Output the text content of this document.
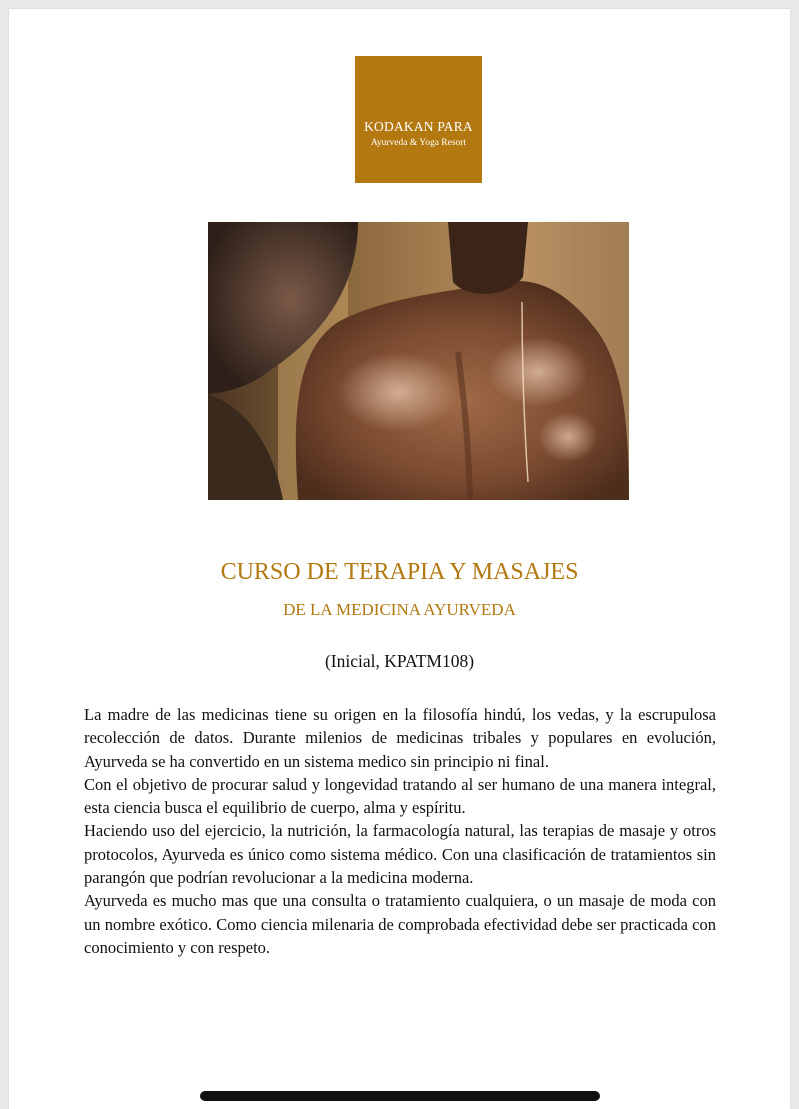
KODAKAN PARA
Ayurveda & Yoga Resort
CURSO DE TERAPIA Y MASAJES
DE LA MEDICINA AYURVEDA
(Inicial, KPATM108)

La madre de las medicinas tiene su origen en la filosofía hindú, los vedas, y la escrupulosa recolección de datos. Durante milenios de medicinas tribales y populares en evolución, Ayurveda se ha convertido en un sistema medico sin principio ni final.

Con el objetivo de procurar salud y longevidad tratando al ser humano de una manera integral, esta ciencia busca el equilibrio de cuerpo, alma y espíritu.

Haciendo uso del ejercicio, la nutrición, la farmacología natural, las terapias de masaje y otros protocolos, Ayurveda es único como sistema médico. Con una clasificación de tratamientos sin parangón que podrían revolucionar a la medicina moderna.

Ayurveda es mucho mas que una consulta o tratamiento cualquiera, o un masaje de moda con un nombre exótico. Como ciencia milenaria de comprobada efectividad debe ser practicada con conocimiento y con respeto.
